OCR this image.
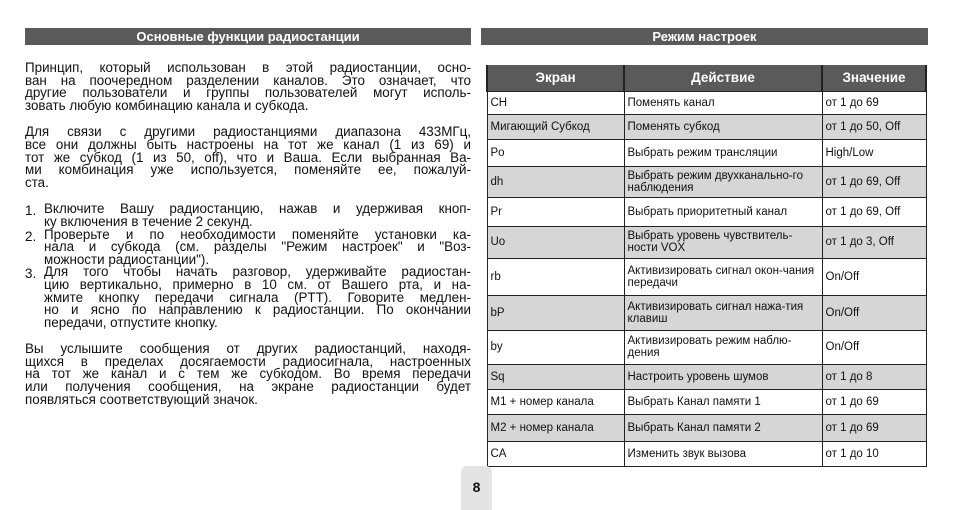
Основные функции радиостанции	Режим настроек
Принцип, который использован в этой радиостанции, осно-
ван на поочередном разделении каналов. Это означает, что
другие пользователи и группы пользователей могут исполь-
зовать любую комбинацию канала и субкода.
Для связи с другими радиостанциями диапазона 433МГц,
все они должны быть настроены на тот же канал (1 из 69) и
тот же субкод (1 из 50, off), что и Ваша. Если выбранная Ва-
ми комбинация уже используется, поменяйте ее, пожалуй-
ста.
1. Включите Вашу радиостанцию, нажав и удерживая кноп-
ку включения в течение 2 секунд.
2. Проверьте и по необходимости поменяйте установки ка-
нала и субкода (см. разделы "Режим настроек" и "Воз-
можности радиостанции").
3. Для того чтобы начать разговор, удерживайте радиостан-
цию вертикально, примерно в 10 см. от Вашего рта, и на-
жмите кнопку передачи сигнала (PTT). Говорите медлен-
но и ясно по направлению к радиостанции. По окончании
передачи, отпустите кнопку.
Вы услышите сообщения от других радиостанций, находя-
щихся в пределах досягаемости радиосигнала, настроенных
на тот же канал и с тем же субкодом. Во время передачи
или получения сообщения, на экране радиостанции будет
появляться соответствующий значок.
Экран	Действие	Значение
CH	Поменять канал	от 1 до 69
Мигающий Субкод	Поменять субкод	от 1 до 50, Off
Po	Выбрать режим трансляции	High/Low
dh	Выбрать режим двухканально-го наблюдения	от 1 до 69, Off
Pr	Выбрать приоритетный канал	от 1 до 69, Off
Uo	Выбрать уровень чувствитель-ности VOX	от 1 до 3, Off
rb	Активизировать сигнал окон-чания передачи	On/Off
bP	Активизировать сигнал нажа-тия клавиш	On/Off
by	Активизировать режим наблю-дения	On/Off
Sq	Настроить уровень шумов	от 1 до 8
M1 + номер канала	Выбрать Канал памяти 1	от 1 до 69
M2 + номер канала	Выбрать Канал памяти 2	от 1 до 69
CA	Изменить звук вызова	от 1 до 10
8
